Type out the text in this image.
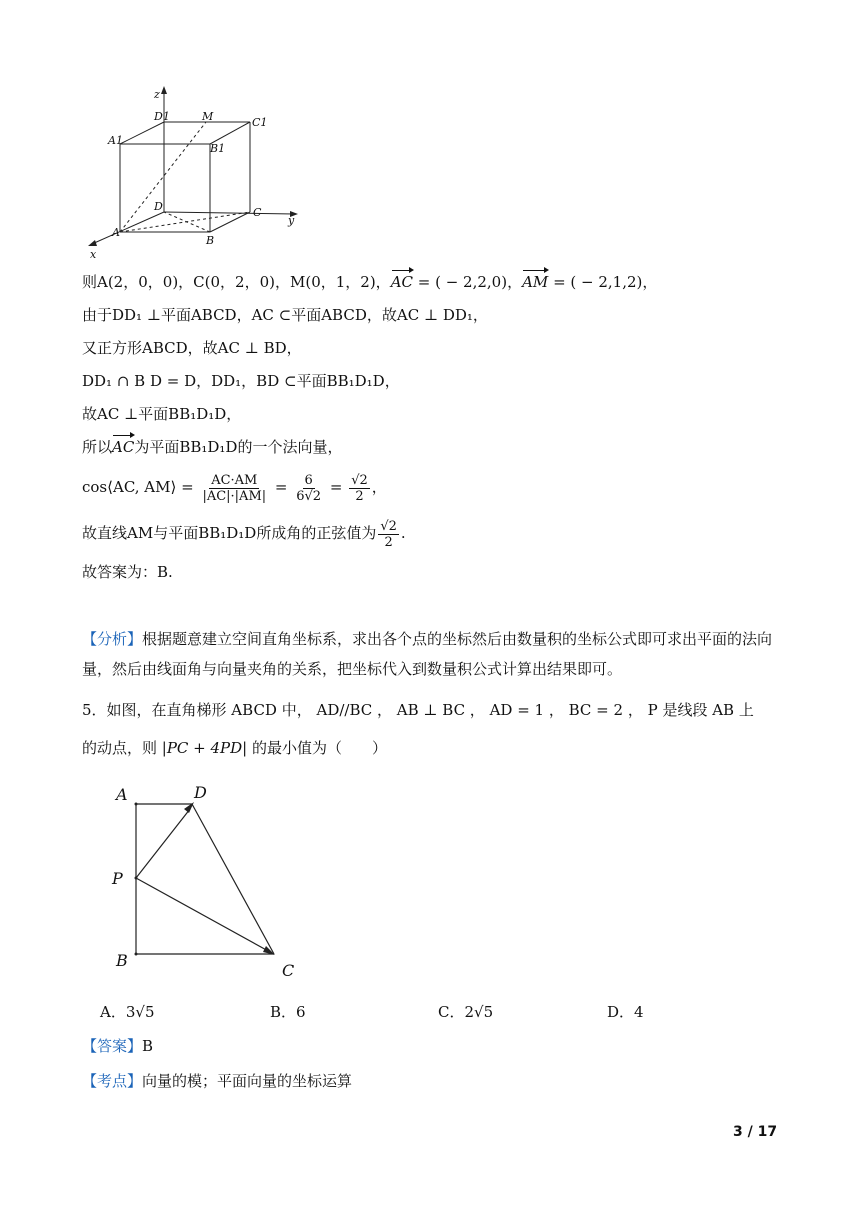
z
D1	M	C1
A1
B1
D	C
y
A
B
x
则A(2，0，0)，C(0，2，0)，M(0，1，2)，AC = ( − 2,2,0)，AM = ( − 2,1,2)，
由于DD₁ ⊥平面ABCD，AC ⊂平面ABCD，故AC ⊥ DD₁，
又正方形ABCD，故AC ⊥ BD，
DD₁ ∩ B D = D，DD₁，BD ⊂平面BB₁D₁D，
故AC ⊥平面BB₁D₁D，
所以AC为平面BB₁D₁D的一个法向量，
cos⟨AC, AM⟩ = $\frac{AC\cdot AM}{|AC|\cdot|AM|} = \frac{6}{6√2} = \frac{√2}{2}$ ，
故直线AM与平面BB₁D₁D所成角的正弦值为 $\frac{√2}{2}$ .
故答案为：B.
【分析】根据题意建立空间直角坐标系，求出各个点的坐标然后由数量积的坐标公式即可求出平面的法向量，然后由线面角与向量夹角的关系，把坐标代入到数量积公式计算出结果即可。
5．如图，在直角梯形 ABCD 中， AD//BC ， AB ⊥ BC ， AD = 1 ， BC = 2 ， P 是线段 AB 上
的动点，则 |PC + 4PD| 的最小值为（　　）
A	D
P
B
C
A．3√5	B．6	C．2√5	D．4
【答案】B
【考点】向量的模；平面向量的坐标运算
3 / 17
